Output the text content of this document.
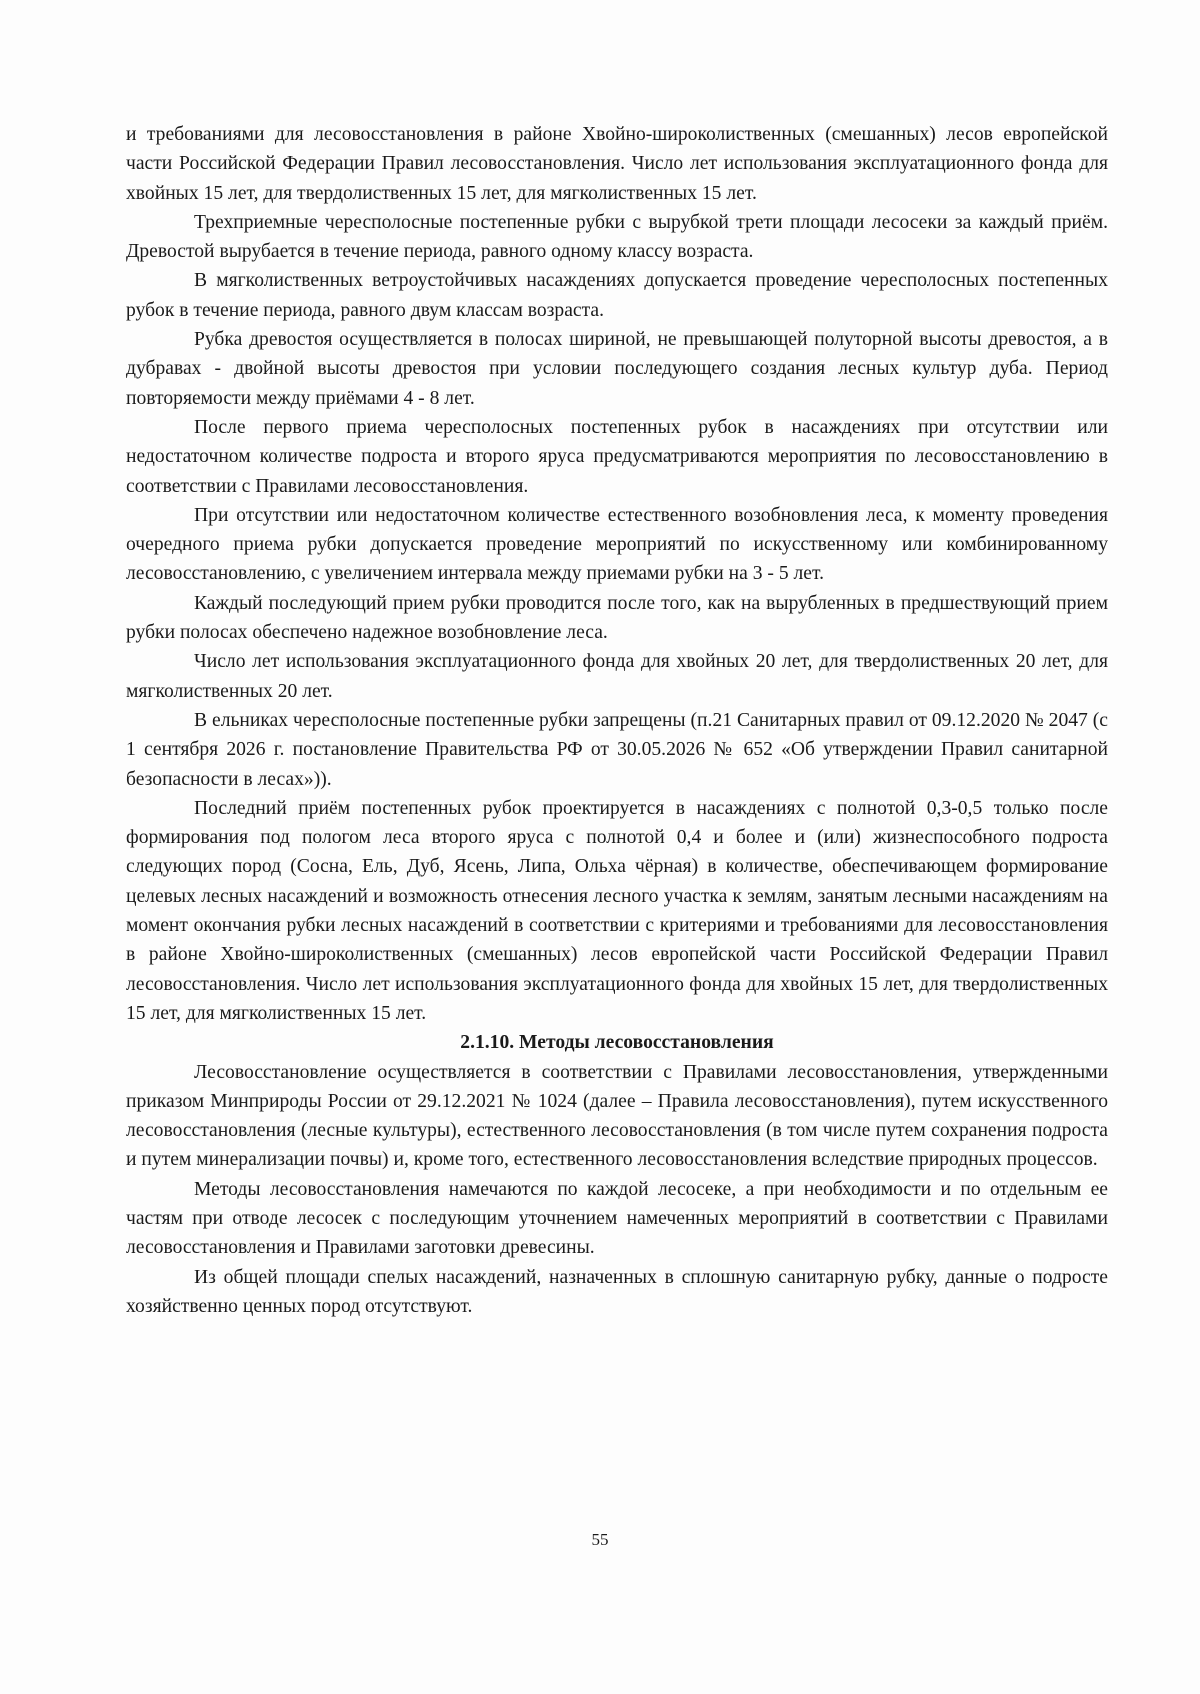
и требованиями для лесовосстановления в районе Хвойно-широколиственных (смешанных) лесов европейской части Российской Федерации Правил лесовосстановления. Число лет использования эксплуатационного фонда для хвойных 15 лет, для твердолиственных 15 лет, для мягколиственных 15 лет.

Трехприемные чересполосные постепенные рубки с вырубкой трети площади лесосеки за каждый приём. Древостой вырубается в течение периода, равного одному классу возраста.

В мягколиственных ветроустойчивых насаждениях допускается проведение чересполосных постепенных рубок в течение периода, равного двум классам возраста.

Рубка древостоя осуществляется в полосах шириной, не превышающей полуторной высоты древостоя, а в дубравах - двойной высоты древостоя при условии последующего создания лесных культур дуба. Период повторяемости между приёмами 4 - 8 лет.

После первого приема чересполосных постепенных рубок в насаждениях при отсутствии или недостаточном количестве подроста и второго яруса предусматриваются мероприятия по лесовосстановлению в соответствии с Правилами лесовосстановления.

При отсутствии или недостаточном количестве естественного возобновления леса, к моменту проведения очередного приема рубки допускается проведение мероприятий по искусственному или комбинированному лесовосстановлению, с увеличением интервала между приемами рубки на 3 - 5 лет.

Каждый последующий прием рубки проводится после того, как на вырубленных в предшествующий прием рубки полосах обеспечено надежное возобновление леса.

Число лет использования эксплуатационного фонда для хвойных 20 лет, для твердолиственных 20 лет, для мягколиственных 20 лет.

В ельниках чересполосные постепенные рубки запрещены (п.21 Санитарных правил от 09.12.2020 № 2047 (с 1 сентября 2026 г. постановление Правительства РФ от 30.05.2026 № 652 «Об утверждении Правил санитарной безопасности в лесах»)).

Последний приём постепенных рубок проектируется в насаждениях с полнотой 0,3-0,5 только после формирования под пологом леса второго яруса с полнотой 0,4 и более и (или) жизнеспособного подроста следующих пород (Сосна, Ель, Дуб, Ясень, Липа, Ольха чёрная) в количестве, обеспечивающем формирование целевых лесных насаждений и возможность отнесения лесного участка к землям, занятым лесными насаждениям на момент окончания рубки лесных насаждений в соответствии с критериями и требованиями для лесовосстановления в районе Хвойно-широколиственных (смешанных) лесов европейской части Российской Федерации Правил лесовосстановления. Число лет использования эксплуатационного фонда для хвойных 15 лет, для твердолиственных 15 лет, для мягколиственных 15 лет.

2.1.10. Методы лесовосстановления

Лесовосстановление осуществляется в соответствии с Правилами лесовосстановления, утвержденными приказом Минприроды России от 29.12.2021 № 1024 (далее – Правила лесовосстановления), путем искусственного лесовосстановления (лесные культуры), естественного лесовосстановления (в том числе путем сохранения подроста и путем минерализации почвы) и, кроме того, естественного лесовосстановления вследствие природных процессов.

Методы лесовосстановления намечаются по каждой лесосеке, а при необходимости и по отдельным ее частям при отводе лесосек с последующим уточнением намеченных мероприятий в соответствии с Правилами лесовосстановления и Правилами заготовки древесины.

Из общей площади спелых насаждений, назначенных в сплошную санитарную рубку, данные о подросте хозяйственно ценных пород отсутствуют.

55
